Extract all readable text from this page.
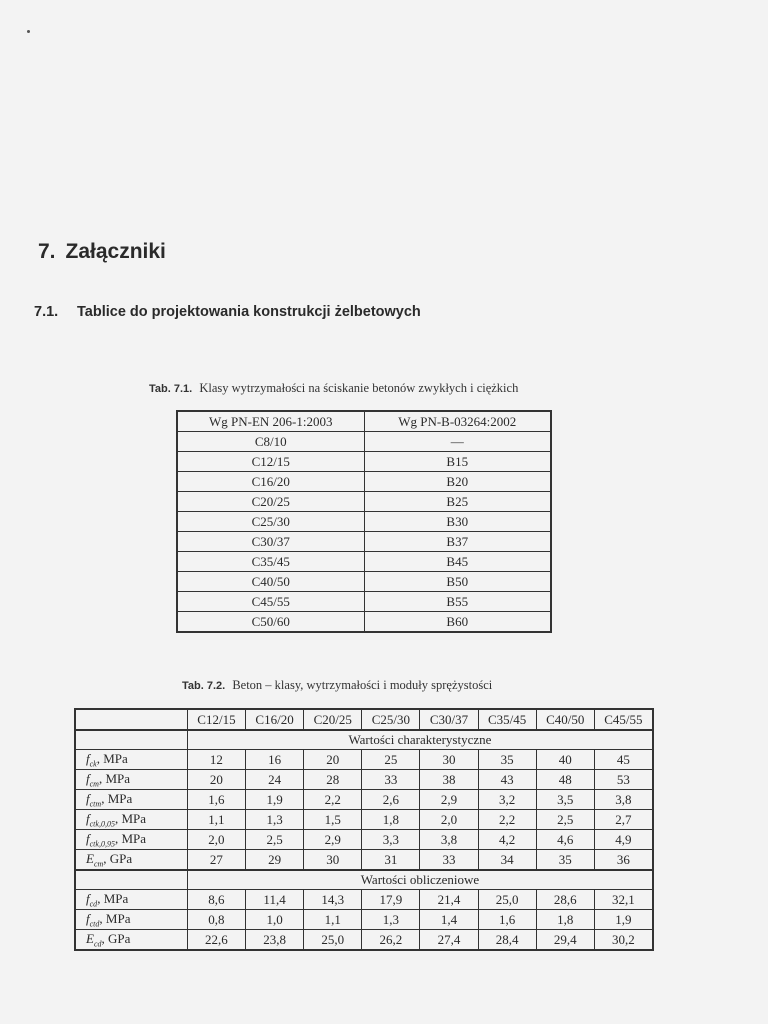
7. Załączniki
7.1. Tablice do projektowania konstrukcji żelbetowych
Tab. 7.1. Klasy wytrzymałości na ściskanie betonów zwykłych i ciężkich
Wg PN-EN 206-1:2003	Wg PN-B-03264:2002
C8/10	—
C12/15	B15
C16/20	B20
C20/25	B25
C25/30	B30
C30/37	B37
C35/45	B45
C40/50	B50
C45/55	B55
C50/60	B60
Tab. 7.2. Beton – klasy, wytrzymałości i moduły sprężystości
	C12/15	C16/20	C20/25	C25/30	C30/37	C35/45	C40/50	C45/55
	Wartości charakterystyczne							
$f_{ck}$, MPa	12	16	20	25	30	35	40	45
$f_{cm}$, MPa	20	24	28	33	38	43	48	53
$f_{ctm}$, MPa	1,6	1,9	2,2	2,6	2,9	3,2	3,5	3,8
$f_{ctk,0,05}$, MPa	1,1	1,3	1,5	1,8	2,0	2,2	2,5	2,7
$f_{ctk,0,95}$, MPa	2,0	2,5	2,9	3,3	3,8	4,2	4,6	4,9
$E_{cm}$, GPa	27	29	30	31	33	34	35	36
	Wartości obliczeniowe							
$f_{cd}$, MPa	8,6	11,4	14,3	17,9	21,4	25,0	28,6	32,1
$f_{ctd}$, MPa	0,8	1,0	1,1	1,3	1,4	1,6	1,8	1,9
$E_{cd}$, GPa	22,6	23,8	25,0	26,2	27,4	28,4	29,4	30,2
